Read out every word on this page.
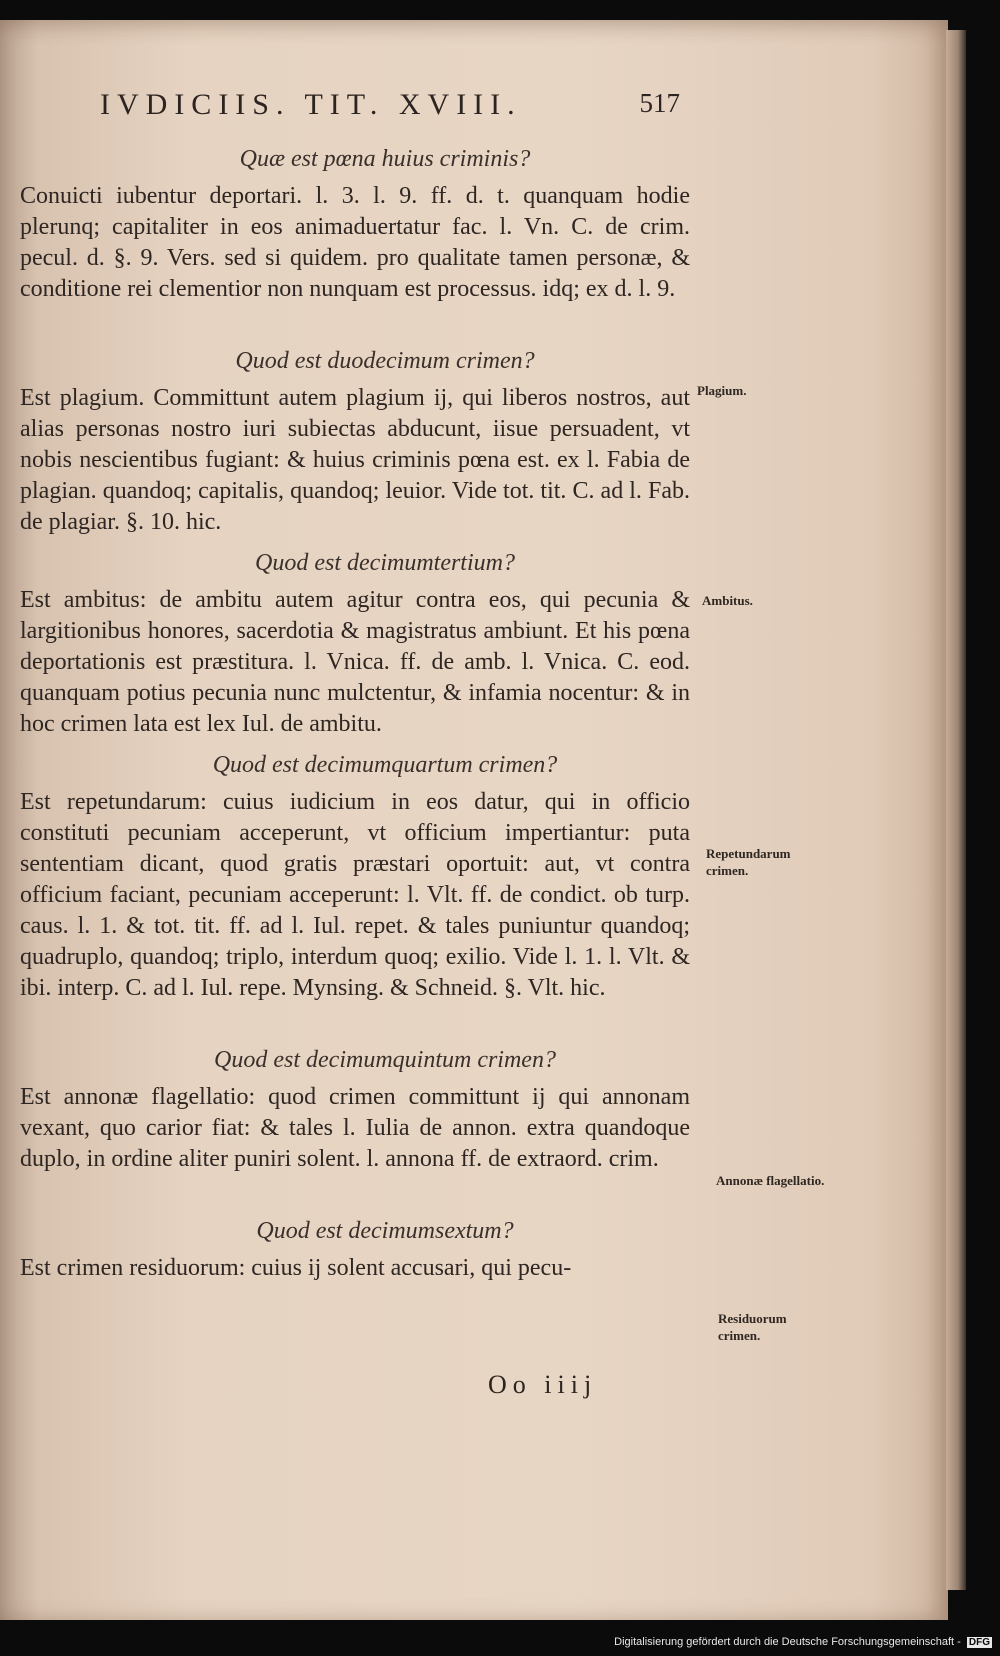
IVDICIIS. TIT. XVIII.	517
Quæ est pœna huius criminis?

Conuicti iubentur deportari. l. 3. l. 9. ff. d. t. quanquam hodie plerunq; capitaliter in eos animaduertatur fac. l. Vn. C. de crim. pecul. d. §. 9. Vers. sed si quidem. pro qualitate tamen personæ, & conditione rei clementior non nunquam est processus. idq; ex d. l. 9.

Quod est duodecimum crimen?

Est plagium. Committunt autem plagium ij, qui liberos nostros, aut alias personas nostro iuri subiectas abducunt, iisue persuadent, vt nobis nescientibus fugiant: & huius criminis pœna est. ex l. Fabia de plagian. quandoq; capitalis, quandoq; leuior. Vide tot. tit. C. ad l. Fab. de plagiar. §. 10. hic.

Quod est decimumtertium?

Est ambitus: de ambitu autem agitur contra eos, qui pecunia & largitionibus honores, sacerdotia & magistratus ambiunt. Et his pœna deportationis est præstitura. l. Vnica. ff. de amb. l. Vnica. C. eod. quanquam potius pecunia nunc mulctentur, & infamia nocentur: & in hoc crimen lata est lex Iul. de ambitu.

Quod est decimumquartum crimen?

Est repetundarum: cuius iudicium in eos datur, qui in officio constituti pecuniam acceperunt, vt officium impertiantur: puta sententiam dicant, quod gratis præstari oportuit: aut, vt contra officium faciant, pecuniam acceperunt: l. Vlt. ff. de condict. ob turp. caus. l. 1. & tot. tit. ff. ad l. Iul. repet. & tales puniuntur quandoq; quadruplo, quandoq; triplo, interdum quoq; exilio. Vide l. 1. l. Vlt. & ibi. interp. C. ad l. Iul. repe. Mynsing. & Schneid. §. Vlt. hic.

Quod est decimumquintum crimen?

Est annonæ flagellatio: quod crimen committunt ij qui annonam vexant, quo carior fiat: & tales l. Iulia de annon. extra quandoque duplo, in ordine aliter puniri solent. l. annona ff. de extraord. crim.

Quod est decimumsextum?

Est crimen residuorum: cuius ij solent accusari, qui pecu-

Plagium.
Ambitus.
Repetundarum crimen.
Annonæ flagellatio.
Residuorum crimen.
Oo iiij
Digitalisierung gefördert durch die Deutsche Forschungsgemeinschaft - DFG
